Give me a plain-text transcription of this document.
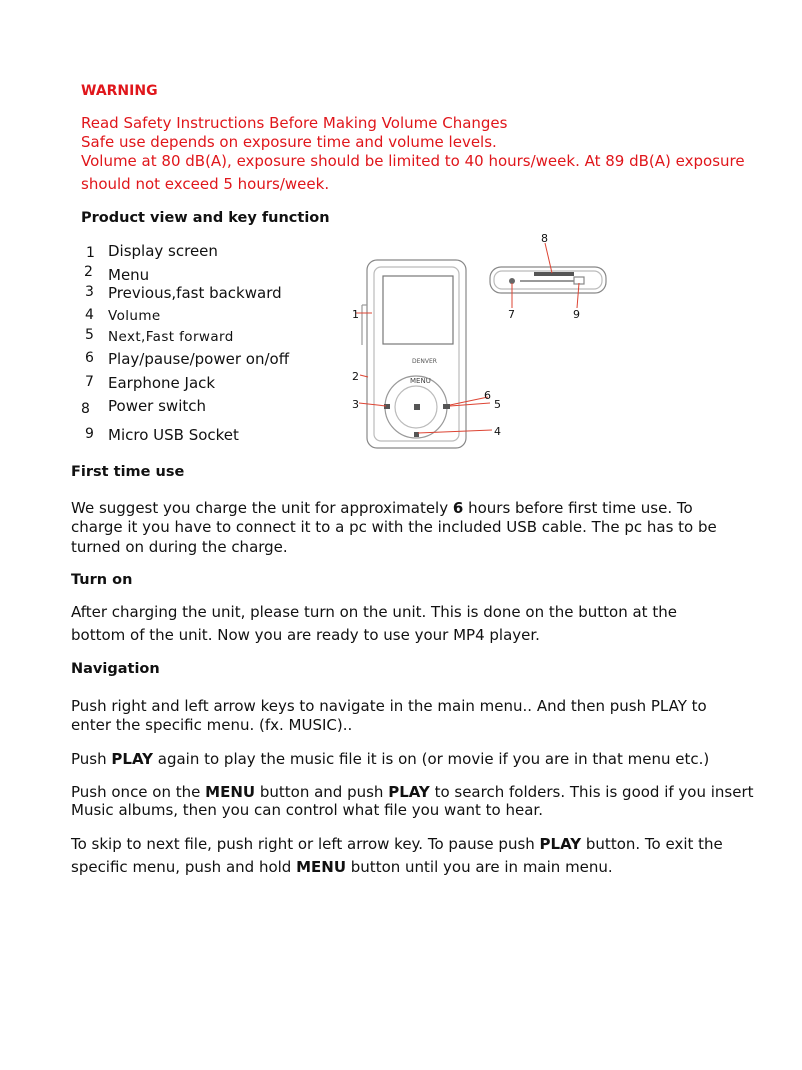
WARNING
Read Safety Instructions Before Making Volume Changes
Safe use depends on exposure time and volume levels.
Volume at 80 dB(A), exposure should be limited to 40 hours/week. At 89 dB(A) exposure
should not exceed 5 hours/week.
Product view and key function
1 Display screen
2 Menu
3 Previous,fast backward
4 Volume
5 Next,Fast forward
6 Play/pause/power on/off
7 Earphone Jack
8 Power switch
9 Micro USB Socket
DENVER
MENU
1
2
3
4
5
6
7
8
9
First time use
We suggest you charge the unit for approximately 6 hours before first time use. To
charge it you have to connect it to a pc with the included USB cable. The pc has to be
turned on during the charge.
Turn on
After charging the unit, please turn on the unit. This is done on the button at the
bottom of the unit. Now you are ready to use your MP4 player.
Navigation
Push right and left arrow keys to navigate in the main menu.. And then push PLAY to
enter the specific menu. (fx. MUSIC)..
Push PLAY again to play the music file it is on (or movie if you are in that menu etc.)
Push once on the MENU button and push PLAY to search folders. This is good if you insert
Music albums, then you can control what file you want to hear.
To skip to next file, push right or left arrow key. To pause push PLAY button. To exit the
specific menu, push and hold MENU button until you are in main menu.
